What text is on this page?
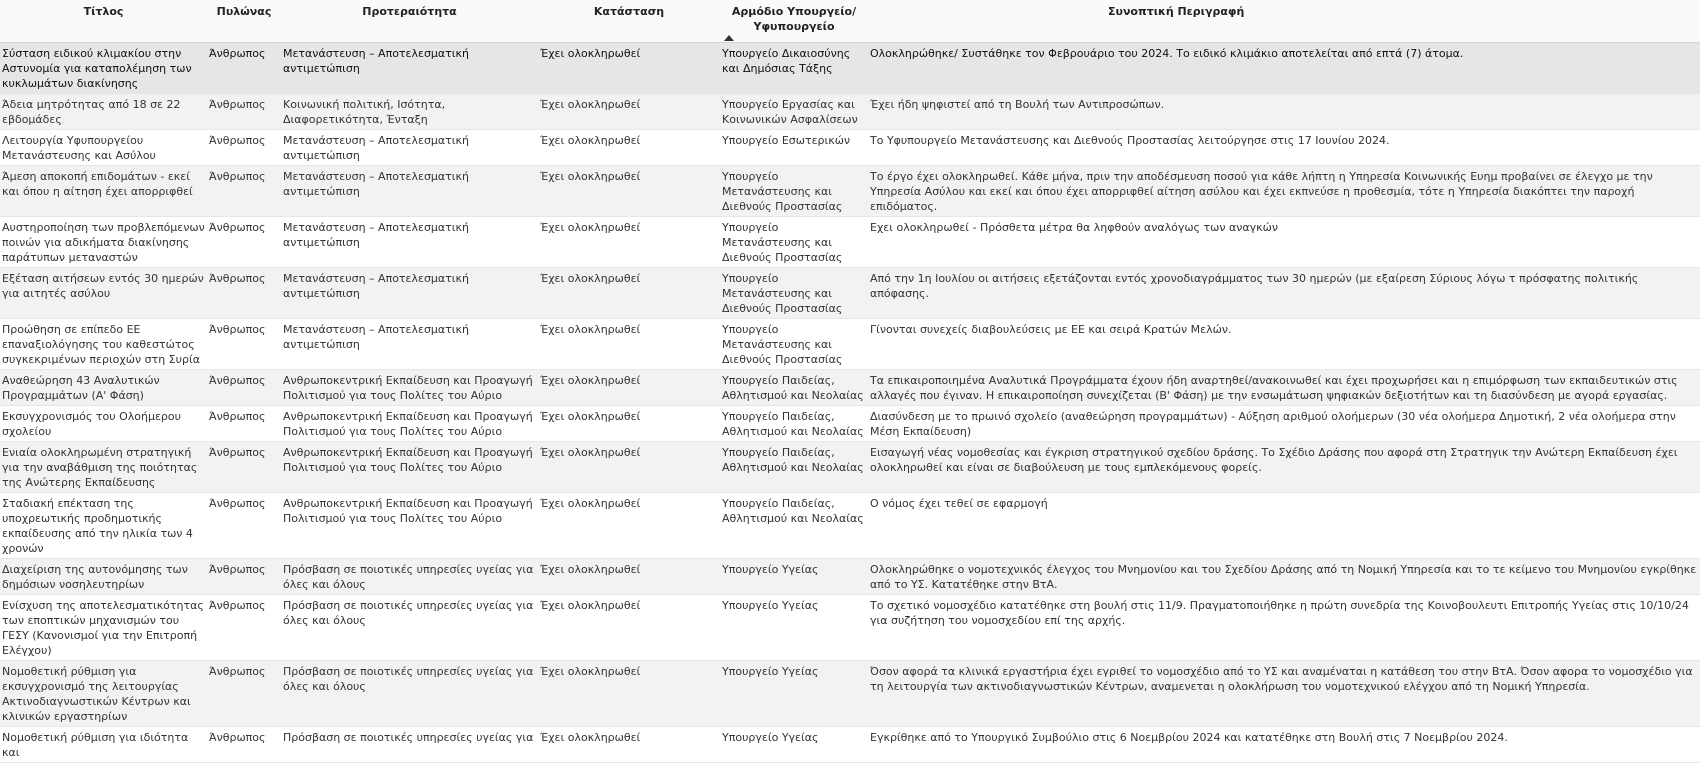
Τίτλος	Πυλώνας	Προτεραιότητα	Κατάσταση	Αρμόδιο Υπουργείο/ Υφυπουργείο	Συνοπτική Περιγραφή

Σύσταση ειδικού κλιμακίου στην Αστυνομία για καταπολέμηση των κυκλωμάτων διακίνησης	Άνθρωπος	Μετανάστευση – Αποτελεσματική αντιμετώπιση	Έχει ολοκληρωθεί	Υπουργείο Δικαιοσύνης και Δημόσιας Τάξης	Ολοκληρώθηκε/ Συστάθηκε τον Φεβρουάριο του 2024. Το ειδικό κλιμάκιο αποτελείται από επτά (7) άτομα.
Άδεια μητρότητας από 18 σε 22 εβδομάδες	Άνθρωπος	Κοινωνική πολιτική, Ισότητα, Διαφορετικότητα, Ένταξη	Έχει ολοκληρωθεί	Υπουργείο Εργασίας και Κοινωνικών Ασφαλίσεων	Έχει ήδη ψηφιστεί από τη Βουλή των Αντιπροσώπων.
Λειτουργία Υφυπουργείου Μετανάστευσης και Ασύλου	Άνθρωπος	Μετανάστευση – Αποτελεσματική αντιμετώπιση	Έχει ολοκληρωθεί	Υπουργείο Εσωτερικών	Το Υφυπουργείο Μετανάστευσης και Διεθνούς Προστασίας λειτούργησε στις 17 Ιουνίου 2024.
Άμεση αποκοπή επιδομάτων - εκεί και όπου η αίτηση έχει απορριφθεί	Άνθρωπος	Μετανάστευση – Αποτελεσματική αντιμετώπιση	Έχει ολοκληρωθεί	Υπουργείο Μετανάστευσης και Διεθνούς Προστασίας	Το έργο έχει ολοκληρωθεί. Κάθε μήνα, πριν την αποδέσμευση ποσού για κάθε λήπτη η Υπηρεσία Κοινωνικής Ευημ προβαίνει σε έλεγχο με την Υπηρεσία Ασύλου και εκεί και όπου έχει απορριφθεί αίτηση ασύλου και έχει εκπνεύσε η προθεσμία, τότε η Υπηρεσία διακόπτει την παροχή επιδόματος.
Αυστηροποίηση των προβλεπόμενων ποινών για αδικήματα διακίνησης παράτυπων μεταναστών	Άνθρωπος	Μετανάστευση – Αποτελεσματική αντιμετώπιση	Έχει ολοκληρωθεί	Υπουργείο Μετανάστευσης και Διεθνούς Προστασίας	Εχει ολοκληρωθεί - Πρόσθετα μέτρα θα ληφθούν αναλόγως των αναγκών
Εξέταση αιτήσεων εντός 30 ημερών για αιτητές ασύλου	Άνθρωπος	Μετανάστευση – Αποτελεσματική αντιμετώπιση	Έχει ολοκληρωθεί	Υπουργείο Μετανάστευσης και Διεθνούς Προστασίας	Από την 1η Ιουλίου οι αιτήσεις εξετάζονται εντός χρονοδιαγράμματος των 30 ημερών (με εξαίρεση Σύριους λόγω τ πρόσφατης πολιτικής απόφασης.
Προώθηση σε επίπεδο ΕΕ επαναξιολόγησης του καθεστώτος συγκεκριμένων περιοχών στη Συρία	Άνθρωπος	Μετανάστευση – Αποτελεσματική αντιμετώπιση	Έχει ολοκληρωθεί	Υπουργείο Μετανάστευσης και Διεθνούς Προστασίας	Γίνονται συνεχείς διαβουλεύσεις με ΕΕ και σειρά Κρατών Μελών.
Αναθεώρηση 43 Αναλυτικών Προγραμμάτων (Α' Φάση)	Άνθρωπος	Ανθρωποκεντρική Εκπαίδευση και Προαγωγή Πολιτισμού για τους Πολίτες του Αύριο	Έχει ολοκληρωθεί	Υπουργείο Παιδείας, Αθλητισμού και Νεολαίας	Τα επικαιροποιημένα Αναλυτικά Προγράμματα έχουν ήδη αναρτηθεί/ανακοινωθεί και έχει προχωρήσει και η επιμόρφωση των εκπαιδευτικών στις αλλαγές που έγιναν. Η επικαιροποίηση συνεχίζεται (Β' Φάση) με την ενσωμάτωση ψηφιακών δεξιοτήτων και τη διασύνδεση με αγορά εργασίας.
Εκσυγχρονισμός του Ολοήμερου σχολείου	Άνθρωπος	Ανθρωποκεντρική Εκπαίδευση και Προαγωγή Πολιτισμού για τους Πολίτες του Αύριο	Έχει ολοκληρωθεί	Υπουργείο Παιδείας, Αθλητισμού και Νεολαίας	Διασύνδεση με το πρωινό σχολείο (αναθεώρηση προγραμμάτων) - Αύξηση αριθμού ολοήμερων (30 νέα ολοήμερα Δημοτική, 2 νέα ολοήμερα στην Μέση Εκπαίδευση)
Ενιαία ολοκληρωμένη στρατηγική για την αναβάθμιση της ποιότητας της Ανώτερης Εκπαίδευσης	Άνθρωπος	Ανθρωποκεντρική Εκπαίδευση και Προαγωγή Πολιτισμού για τους Πολίτες του Αύριο	Έχει ολοκληρωθεί	Υπουργείο Παιδείας, Αθλητισμού και Νεολαίας	Εισαγωγή νέας νομοθεσίας και έγκριση στρατηγικού σχεδίου δράσης. Το Σχέδιο Δράσης που αφορά στη Στρατηγικ την Ανώτερη Εκπαίδευση έχει ολοκληρωθεί και είναι σε διαβούλευση με τους εμπλεκόμενους φορείς.
Σταδιακή επέκταση της υποχρεωτικής προδημοτικής εκπαίδευσης από την ηλικία των 4 χρονών	Άνθρωπος	Ανθρωποκεντρική Εκπαίδευση και Προαγωγή Πολιτισμού για τους Πολίτες του Αύριο	Έχει ολοκληρωθεί	Υπουργείο Παιδείας, Αθλητισμού και Νεολαίας	Ο νόμος έχει τεθεί σε εφαρμογή
Διαχείριση της αυτονόμησης των δημόσιων νοσηλευτηρίων	Άνθρωπος	Πρόσβαση σε ποιοτικές υπηρεσίες υγείας για όλες και όλους	Έχει ολοκληρωθεί	Υπουργείο Υγείας	Ολοκληρώθηκε ο νομοτεχνικός έλεγχος του Μνημονίου και του Σχεδίου Δράσης από τη Νομική Υπηρεσία και το τε κείμενο του Μνημονίου εγκρίθηκε από το ΥΣ. Κατατέθηκε στην ΒτΑ.
Ενίσχυση της αποτελεσματικότητας των εποπτικών μηχανισμών του ΓΕΣΥ (Κανονισμοί για την Επιτροπή Ελέγχου)	Άνθρωπος	Πρόσβαση σε ποιοτικές υπηρεσίες υγείας για όλες και όλους	Έχει ολοκληρωθεί	Υπουργείο Υγείας	Το σχετικό νομοσχέδιο κατατέθηκε στη βουλή στις 11/9. Πραγματοποιήθηκε η πρώτη συνεδρία της Κοινοβουλευτι Επιτροπής Υγείας στις 10/10/24 για συζήτηση του νομοσχεδίου επί της αρχής.
Νομοθετική ρύθμιση για εκσυγχρονισμό της λειτουργίας Ακτινοδιαγνωστικών Κέντρων και κλινικών εργαστηρίων	Άνθρωπος	Πρόσβαση σε ποιοτικές υπηρεσίες υγείας για όλες και όλους	Έχει ολοκληρωθεί	Υπουργείο Υγείας	Όσον αφορά τα κλινικά εργαστήρια έχει εγριθεί το νομοσχέδιο από το ΥΣ και αναμέναται η κατάθεση του στην ΒτΑ. Όσον αφορα το νομοσχέδιο για τη λειτουργία των ακτινοδιαγνωστικών Κέντρων, αναμενεται η ολοκλήρωση του νομοτεχνικού ελέγχου από τη Νομική Υπηρεσία.
Νομοθετική ρύθμιση για ιδιότητα και	Άνθρωπος	Πρόσβαση σε ποιοτικές υπηρεσίες υγείας για	Έχει ολοκληρωθεί	Υπουργείο Υγείας	Εγκρίθηκε από το Υπουργικό Συμβούλιο στις 6 Νοεμβρίου 2024 και κατατέθηκε στη Βουλή στις 7 Νοεμβρίου 2024.
